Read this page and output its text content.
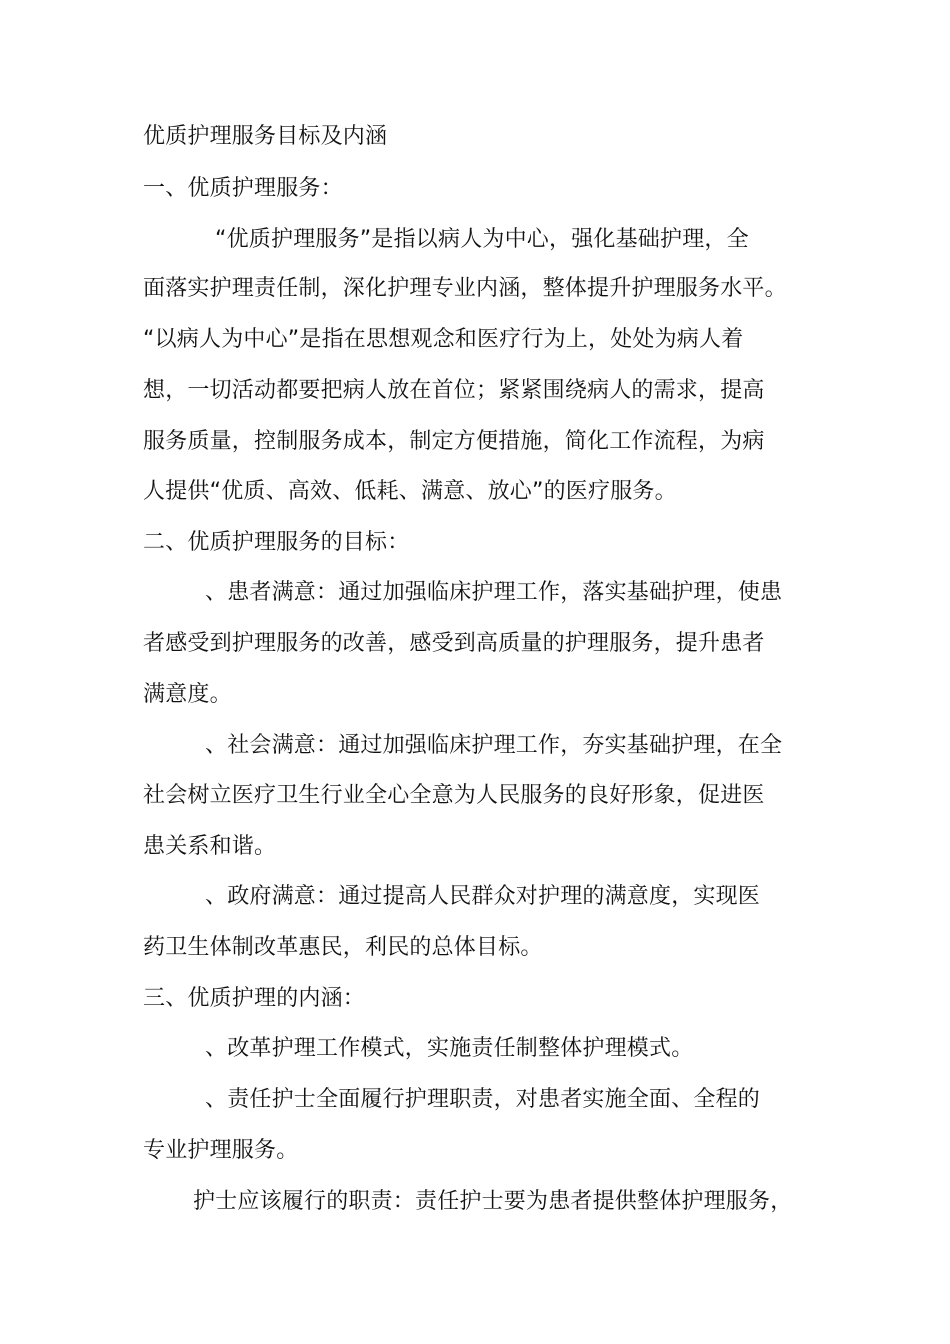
优质护理服务目标及内涵
一、优质护理服务：
“优质护理服务”是指以病人为中心，强化基础护理，全
面落实护理责任制，深化护理专业内涵，整体提升护理服务水平。
“以病人为中心”是指在思想观念和医疗行为上，处处为病人着
想，一切活动都要把病人放在首位；紧紧围绕病人的需求，提高
服务质量，控制服务成本，制定方便措施，简化工作流程，为病
人提供“优质、高效、低耗、满意、放心”的医疗服务。
二、优质护理服务的目标：
、患者满意：通过加强临床护理工作，落实基础护理，使患
者感受到护理服务的改善，感受到高质量的护理服务，提升患者
满意度。
、社会满意：通过加强临床护理工作，夯实基础护理，在全
社会树立医疗卫生行业全心全意为人民服务的良好形象，促进医
患关系和谐。
、政府满意：通过提高人民群众对护理的满意度，实现医
药卫生体制改革惠民，利民的总体目标。
三、优质护理的内涵：
、改革护理工作模式，实施责任制整体护理模式。
、责任护士全面履行护理职责，对患者实施全面、全程的
专业护理服务。
护士应该履行的职责：责任护士要为患者提供整体护理服务，
